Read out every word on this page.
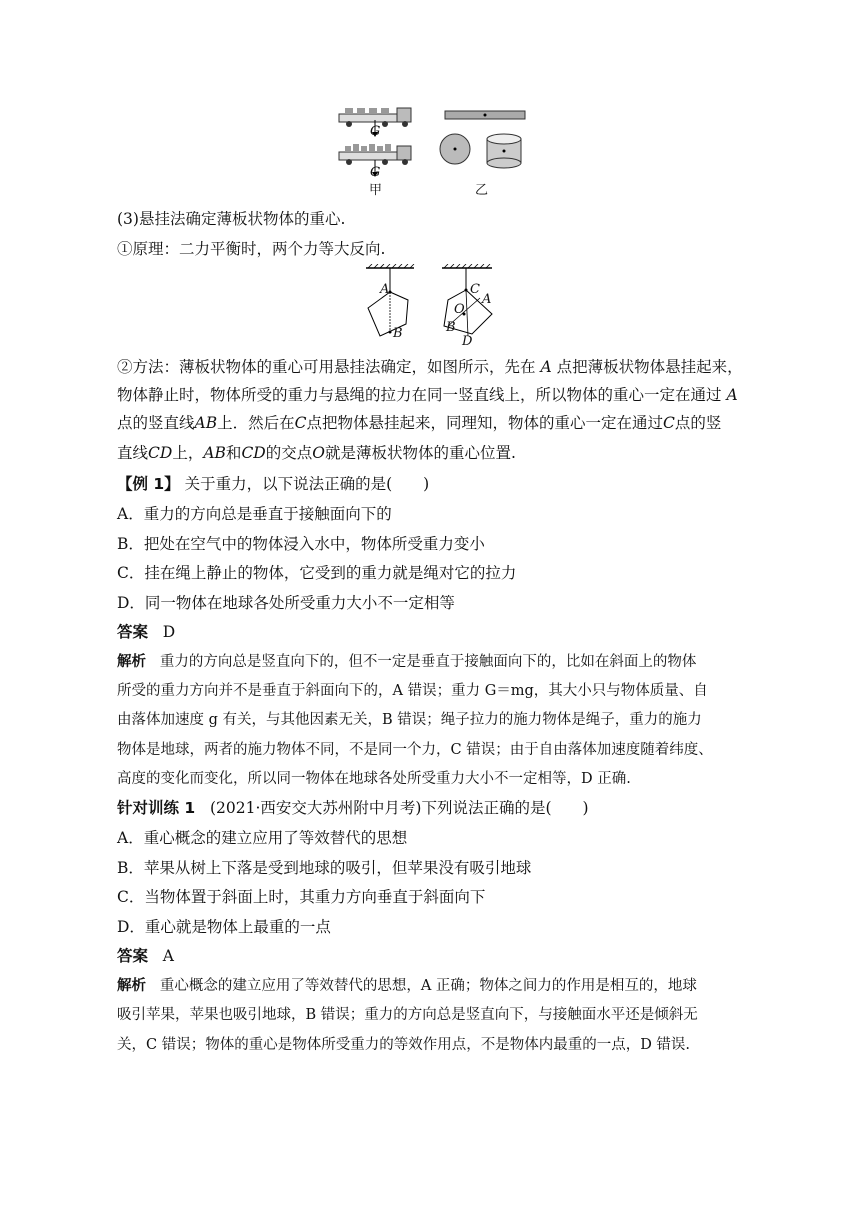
G
G
甲	乙
(3)悬挂法确定薄板状物体的重心.
①原理：二力平衡时，两个力等大反向.
A
B
C
A
O
B
D
②方法：薄板状物体的重心可用悬挂法确定，如图所示，先在 A 点把薄板状物体悬挂起来，
物体静止时，物体所受的重力与悬绳的拉力在同一竖直线上，所以物体的重心一定在通过 A
点的竖直线AB上．然后在C点把物体悬挂起来，同理知，物体的重心一定在通过C点的竖
直线CD上，AB和CD的交点O就是薄板状物体的重心位置.
【例 1】 关于重力，以下说法正确的是(　　)
A．重力的方向总是垂直于接触面向下的
B．把处在空气中的物体浸入水中，物体所受重力变小
C．挂在绳上静止的物体，它受到的重力就是绳对它的拉力
D．同一物体在地球各处所受重力大小不一定相等
答案 D
解析 重力的方向总是竖直向下的，但不一定是垂直于接触面向下的，比如在斜面上的物体
所受的重力方向并不是垂直于斜面向下的，A 错误；重力 G＝mg，其大小只与物体质量、自
由落体加速度 g 有关，与其他因素无关，B 错误；绳子拉力的施力物体是绳子，重力的施力
物体是地球，两者的施力物体不同，不是同一个力，C 错误；由于自由落体加速度随着纬度、
高度的变化而变化，所以同一物体在地球各处所受重力大小不一定相等，D 正确.
针对训练 1 (2021·西安交大苏州附中月考)下列说法正确的是(　　)
A．重心概念的建立应用了等效替代的思想
B．苹果从树上下落是受到地球的吸引，但苹果没有吸引地球
C．当物体置于斜面上时，其重力方向垂直于斜面向下
D．重心就是物体上最重的一点
答案 A
解析 重心概念的建立应用了等效替代的思想，A 正确；物体之间力的作用是相互的，地球
吸引苹果，苹果也吸引地球，B 错误；重力的方向总是竖直向下，与接触面水平还是倾斜无
关，C 错误；物体的重心是物体所受重力的等效作用点，不是物体内最重的一点，D 错误.
